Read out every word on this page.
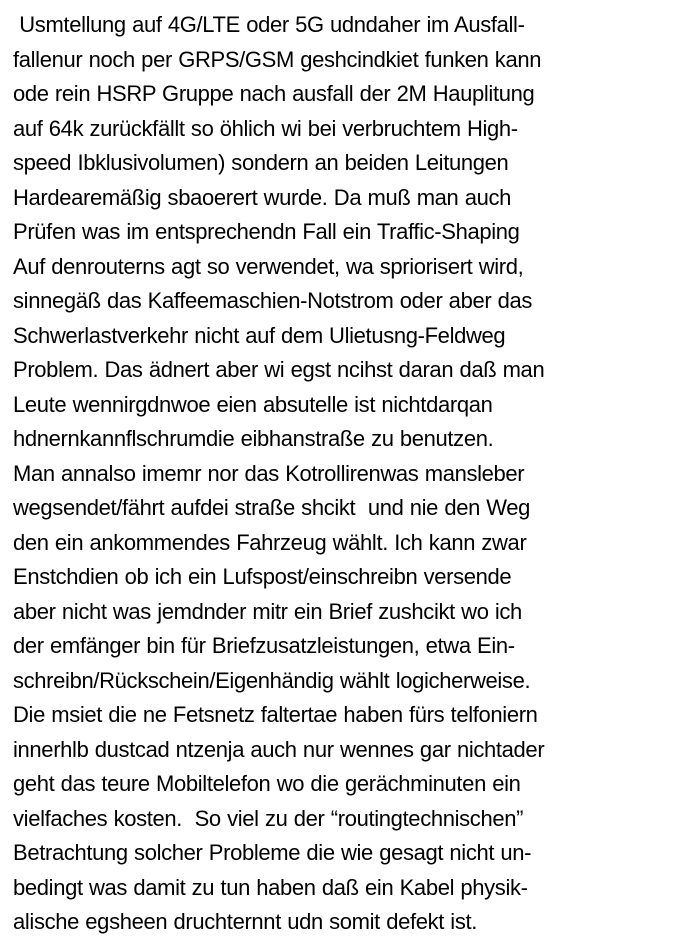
Usmtellung auf 4G/LTE oder 5G udndaher im Ausfall-
fallenur noch per GRPS/GSM geshcindkiet funken kann
ode rein HSRP Gruppe nach ausfall der 2M Hauplitung
auf 64k zurückfällt so öhlich wi bei verbruchtem High-
speed Ibklusivolumen) sondern an beiden Leitungen
Hardearemäßig sbaoerert wurde. Da muß man auch
Prüfen was im entsprechendn Fall ein Traffic-Shaping
Auf denrouterns agt so verwendet, wa spriorisert wird,
sinnegäß das Kaffeemaschien-Notstrom oder aber das
Schwerlastverkehr nicht auf dem Ulietusng-Feldweg
Problem. Das ädnert aber wi egst ncihst daran daß man
Leute wennirgdnwoe eien absutelle ist nichtdarqan
hdnernkannflschrumdie eibhanstraße zu benutzen.
Man annalso imemr nor das Kotrollirenwas mansleber
wegsendet/fährt aufdei straße shcikt  und nie den Weg
den ein ankommendes Fahrzeug wählt. Ich kann zwar
Enstchdien ob ich ein Lufspost/einschreibn versende
aber nicht was jemdnder mitr ein Brief zushcikt wo ich
der emfänger bin für Briefzusatzleistungen, etwa Ein-
schreibn/Rückschein/Eigenhändig wählt logicherweise.
Die msiet die ne Fetsnetz faltertae haben fürs telfoniern
innerhlb dustcad ntzenja auch nur wennes gar nichtader
geht das teure Mobiltelefon wo die geräch​minuten ein
vielfaches kosten.  So viel zu der “routingtechnischen”
Betrachtung solcher Probleme die wie gesagt nicht un-
bedingt was damit zu tun haben daß ein Kabel physik-
alische egsheen druchternnt udn somit defekt ist.
